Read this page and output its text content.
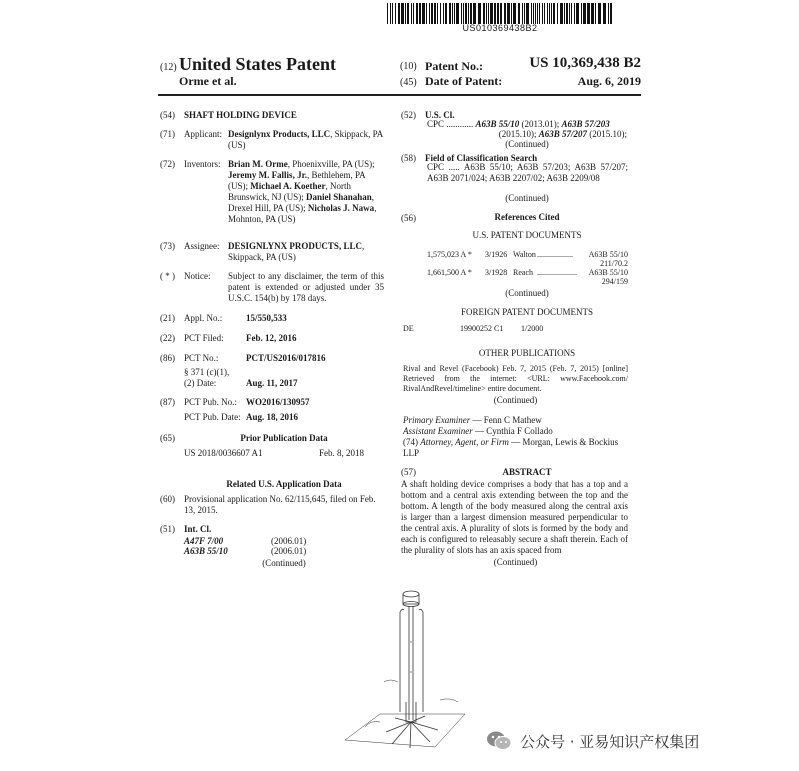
US010369438B2
(12) United States Patent
Orme et al.
(10) Patent No.:	US 10,369,438 B2
(45) Date of Patent:	Aug. 6, 2019
(54) SHAFT HOLDING DEVICE
(71) Applicant: Designlynx Products, LLC, Skippack, PA (US)
(72) Inventors: Brian M. Orme, Phoenixville, PA (US); Jeremy M. Fallis, Jr., Bethlehem, PA (US); Michael A. Koether, North Brunswick, NJ (US); Daniel Shanahan, Drexel Hill, PA (US); Nicholas J. Nawa, Mohnton, PA (US)
(73) Assignee: DESIGNLYNX PRODUCTS, LLC, Skippack, PA (US)
( * ) Notice: Subject to any disclaimer, the term of this patent is extended or adjusted under 35 U.S.C. 154(b) by 178 days.
(21) Appl. No.:	15/550,533
(22) PCT Filed: Feb. 12, 2016
(86) PCT No.:	PCT/US2016/017816
§ 371 (c)(1),
(2) Date:	Aug. 11, 2017
(87) PCT Pub. No.: WO2016/130957
PCT Pub. Date: Aug. 18, 2016
(65)	Prior Publication Data
US 2018/0036607 A1	Feb. 8, 2018
Related U.S. Application Data
(60) Provisional application No. 62/115,645, filed on Feb. 13, 2015.
(51) Int. Cl.
A47F 7/00	(2006.01)
A63B 55/10	(2006.01)
(Continued)
(52) U.S. Cl.
CPC ............ A63B 55/10 (2013.01); A63B 57/203
(2015.10); A63B 57/207 (2015.10);
(Continued)
(58) Field of Classification Search
CPC ..... A63B 55/10; A63B 57/203; A63B 57/207; A63B 2071/024; A63B 2207/02; A63B 2209/08
(Continued)
(56)	References Cited
U.S. PATENT DOCUMENTS
1,575,023 A * 3/1926 Walton ..................	A63B 55/10
211/70.2
1,661,500 A * 3/1928 Reach ....................	A63B 55/10
294/159
(Continued)
FOREIGN PATENT DOCUMENTS
DE	19900252 C1 1/2000
OTHER PUBLICATIONS
Rival and Revel (Facebook) Feb. 7, 2015 (Feb. 7, 2015) [online] Retrieved from the internet: <URL: www.Facebook.com/ RivalAndRevel/timeline> entire document.
(Continued)
Primary Examiner — Fenn C Mathew
Assistant Examiner — Cynthia F Collado
(74) Attorney, Agent, or Firm — Morgan, Lewis & Bockius LLP
(57)	ABSTRACT
A shaft holding device comprises a body that has a top and a bottom and a central axis extending between the top and the bottom. A length of the body measured along the central axis is larger than a largest dimension measured perpendicular to the central axis. A plurality of slots is formed by the body and each is configured to releasably secure a shaft therein. Each of the plurality of slots has an axis spaced from
(Continued)
公众号 · 亚易知识产权集团
